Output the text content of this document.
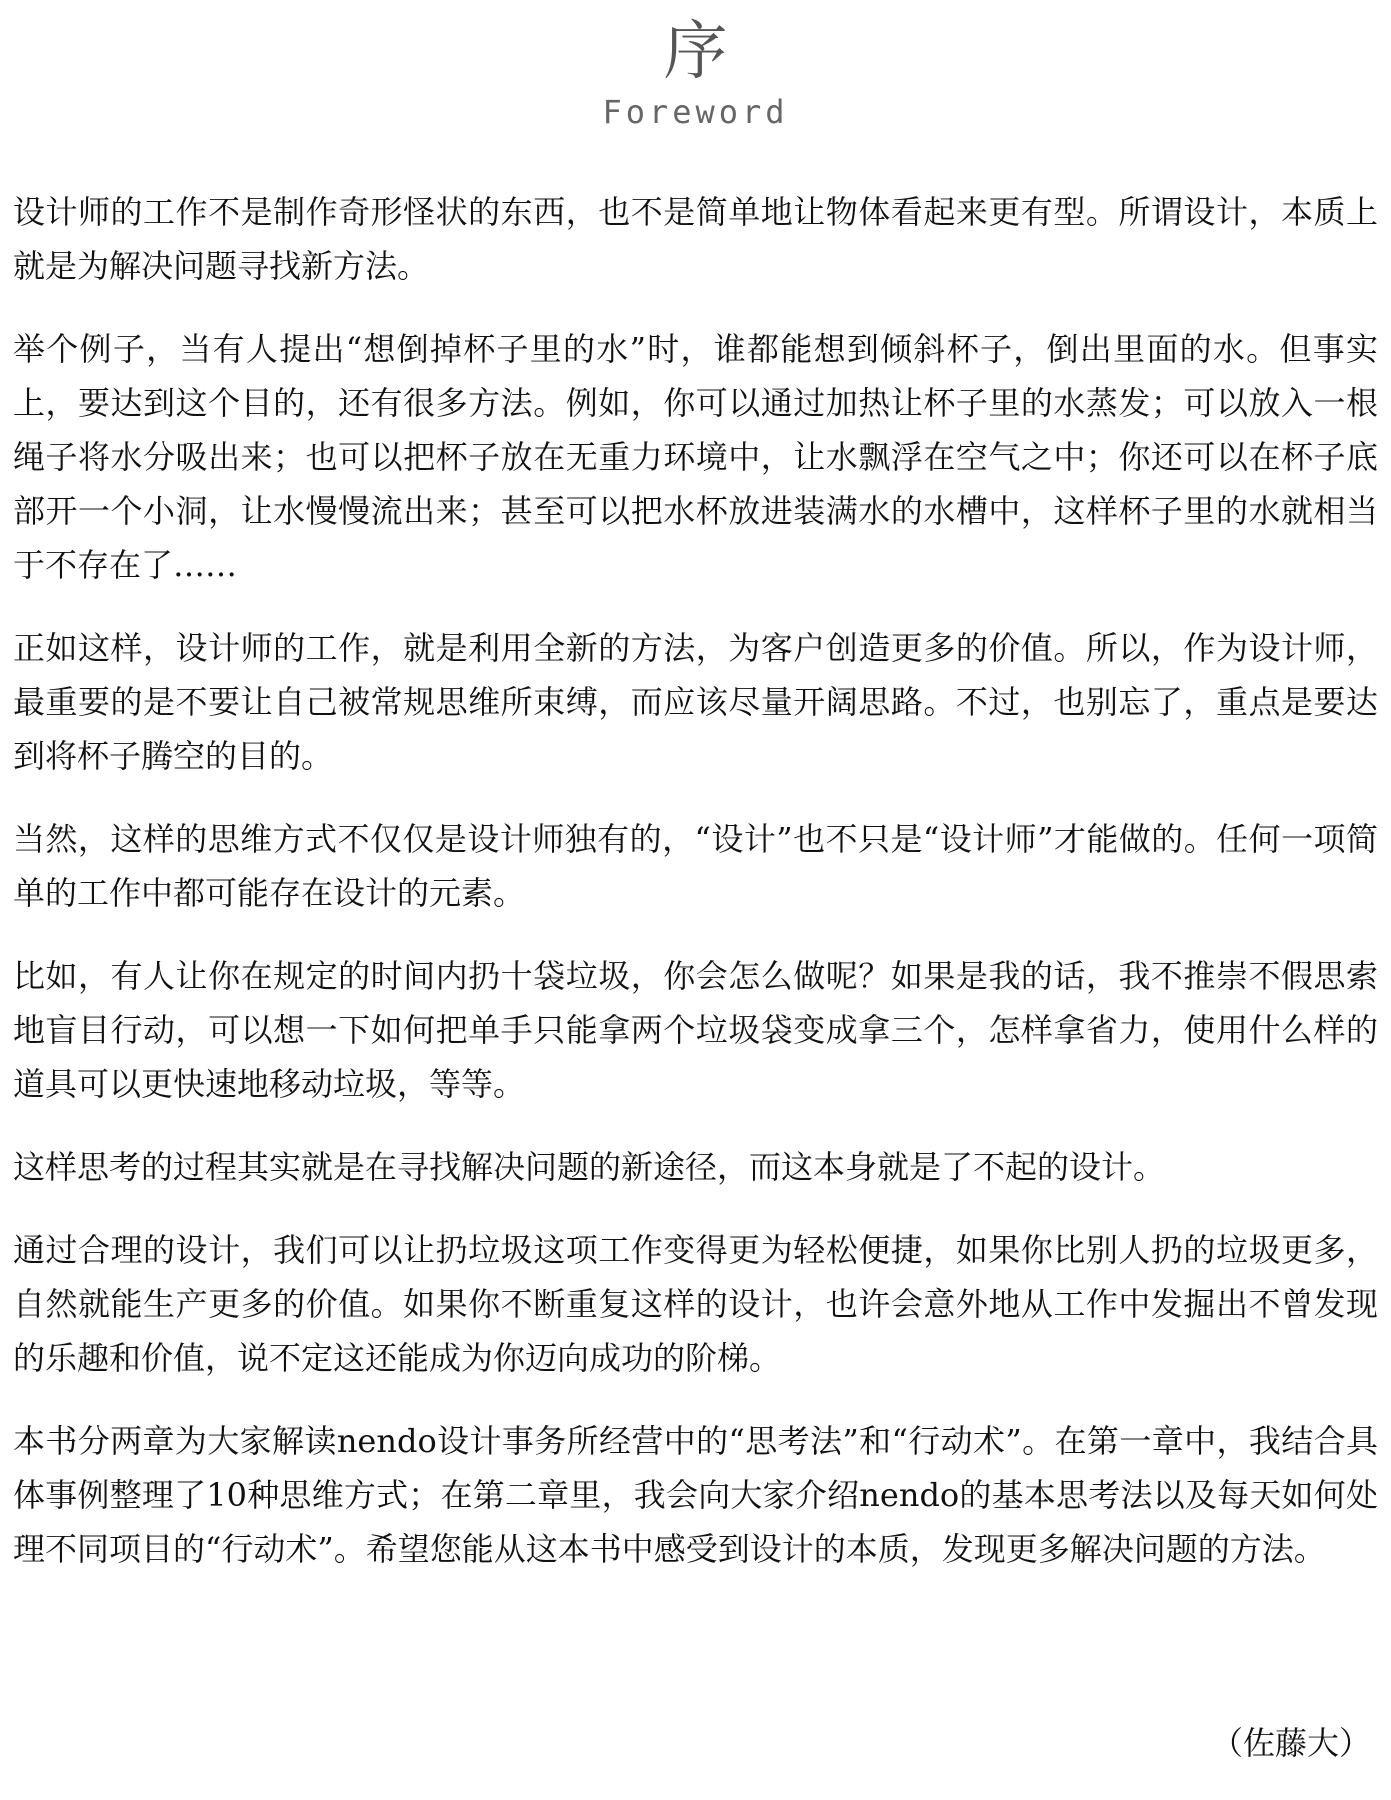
序
Foreword

设计师的工作不是制作奇形怪状的东西，也不是简单地让物体看起来更有型。所谓设计，本质上就是为解决问题寻找新方法。

举个例子，当有人提出“想倒掉杯子里的水”时，谁都能想到倾斜杯子，倒出里面的水。但事实上，要达到这个目的，还有很多方法。例如，你可以通过加热让杯子里的水蒸发；可以放入一根绳子将水分吸出来；也可以把杯子放在无重力环境中，让水飘浮在空气之中；你还可以在杯子底部开一个小洞，让水慢慢流出来；甚至可以把水杯放进装满水的水槽中，这样杯子里的水就相当于不存在了……

正如这样，设计师的工作，就是利用全新的方法，为客户创造更多的价值。所以，作为设计师，最重要的是不要让自己被常规思维所束缚，而应该尽量开阔思路。不过，也别忘了，重点是要达到将杯子腾空的目的。

当然，这样的思维方式不仅仅是设计师独有的，“设计”也不只是“设计师”才能做的。任何一项简单的工作中都可能存在设计的元素。

比如，有人让你在规定的时间内扔十袋垃圾，你会怎么做呢？如果是我的话，我不推崇不假思索地盲目行动，可以想一下如何把单手只能拿两个垃圾袋变成拿三个，怎样拿省力，使用什么样的道具可以更快速地移动垃圾，等等。

这样思考的过程其实就是在寻找解决问题的新途径，而这本身就是了不起的设计。

通过合理的设计，我们可以让扔垃圾这项工作变得更为轻松便捷，如果你比别人扔的垃圾更多，自然就能生产更多的价值。如果你不断重复这样的设计，也许会意外地从工作中发掘出不曾发现的乐趣和价值，说不定这还能成为你迈向成功的阶梯。

本书分两章为大家解读nendo设计事务所经营中的“思考法”和“行动术”。在第一章中，我结合具体事例整理了10种思维方式；在第二章里，我会向大家介绍nendo的基本思考法以及每天如何处理不同项目的“行动术”。希望您能从这本书中感受到设计的本质，发现更多解决问题的方法。

（佐藤大）
